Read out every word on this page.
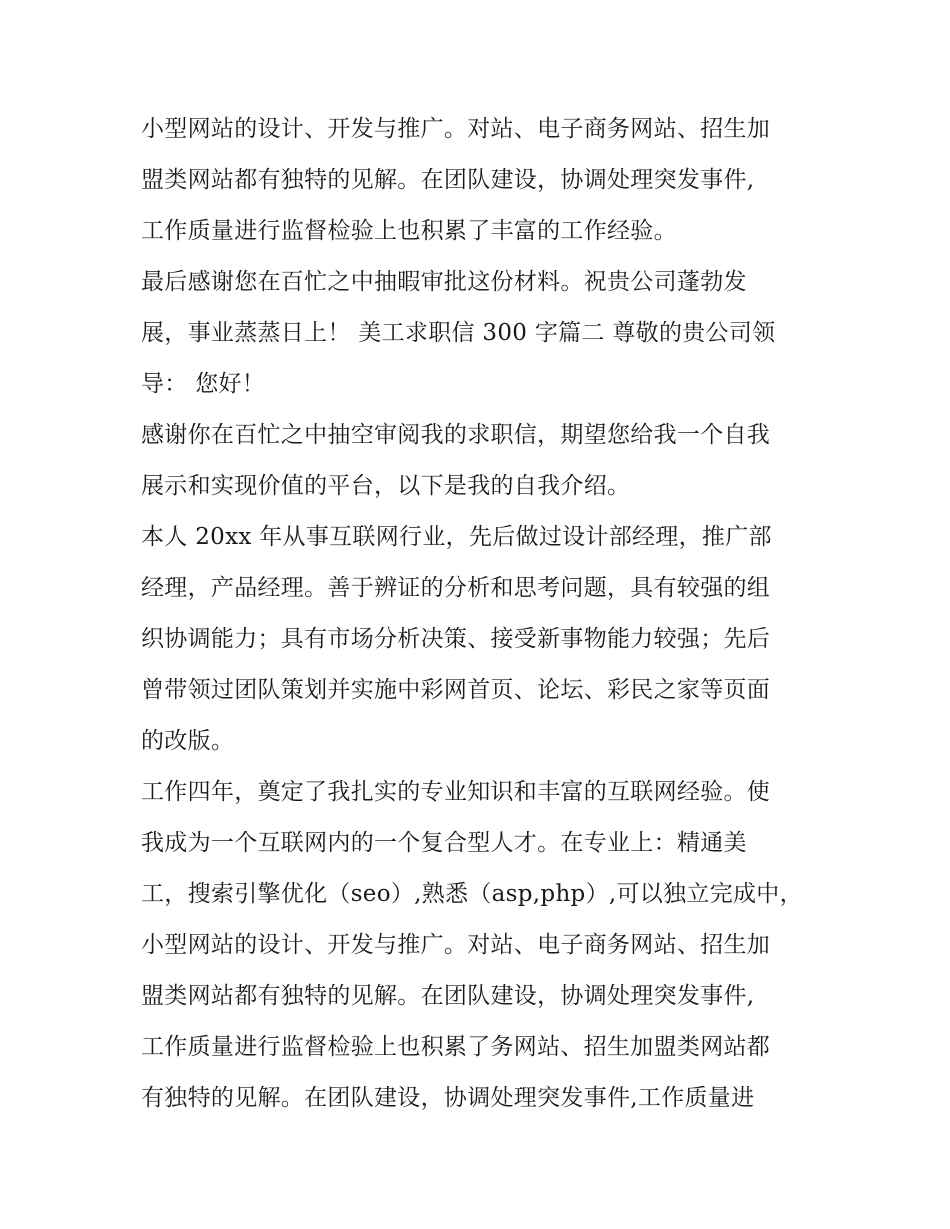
小型网站的设计、开发与推广。对站、电子商务网站、招生加
盟类网站都有独特的见解。在团队建设，协调处理突发事件,
工作质量进行监督检验上也积累了丰富的工作经验。
最后感谢您在百忙之中抽暇审批这份材料。祝贵公司蓬勃发
展，事业蒸蒸日上！ 美工求职信 300 字篇二 尊敬的贵公司领
导： 您好！
感谢你在百忙之中抽空审阅我的求职信，期望您给我一个自我
展示和实现价值的平台，以下是我的自我介绍。
本人 20xx 年从事互联网行业，先后做过设计部经理，推广部
经理，产品经理。善于辨证的分析和思考问题，具有较强的组
织协调能力；具有市场分析决策、接受新事物能力较强；先后
曾带领过团队策划并实施中彩网首页、论坛、彩民之家等页面
的改版。
工作四年，奠定了我扎实的专业知识和丰富的互联网经验。使
我成为一个互联网内的一个复合型人才。在专业上：精通美
工，搜索引擎优化（seo）,熟悉（asp,php）,可以独立完成中，
小型网站的设计、开发与推广。对站、电子商务网站、招生加
盟类网站都有独特的见解。在团队建设，协调处理突发事件,
工作质量进行监督检验上也积累了务网站、招生加盟类网站都
有独特的见解。在团队建设，协调处理突发事件,工作质量进
